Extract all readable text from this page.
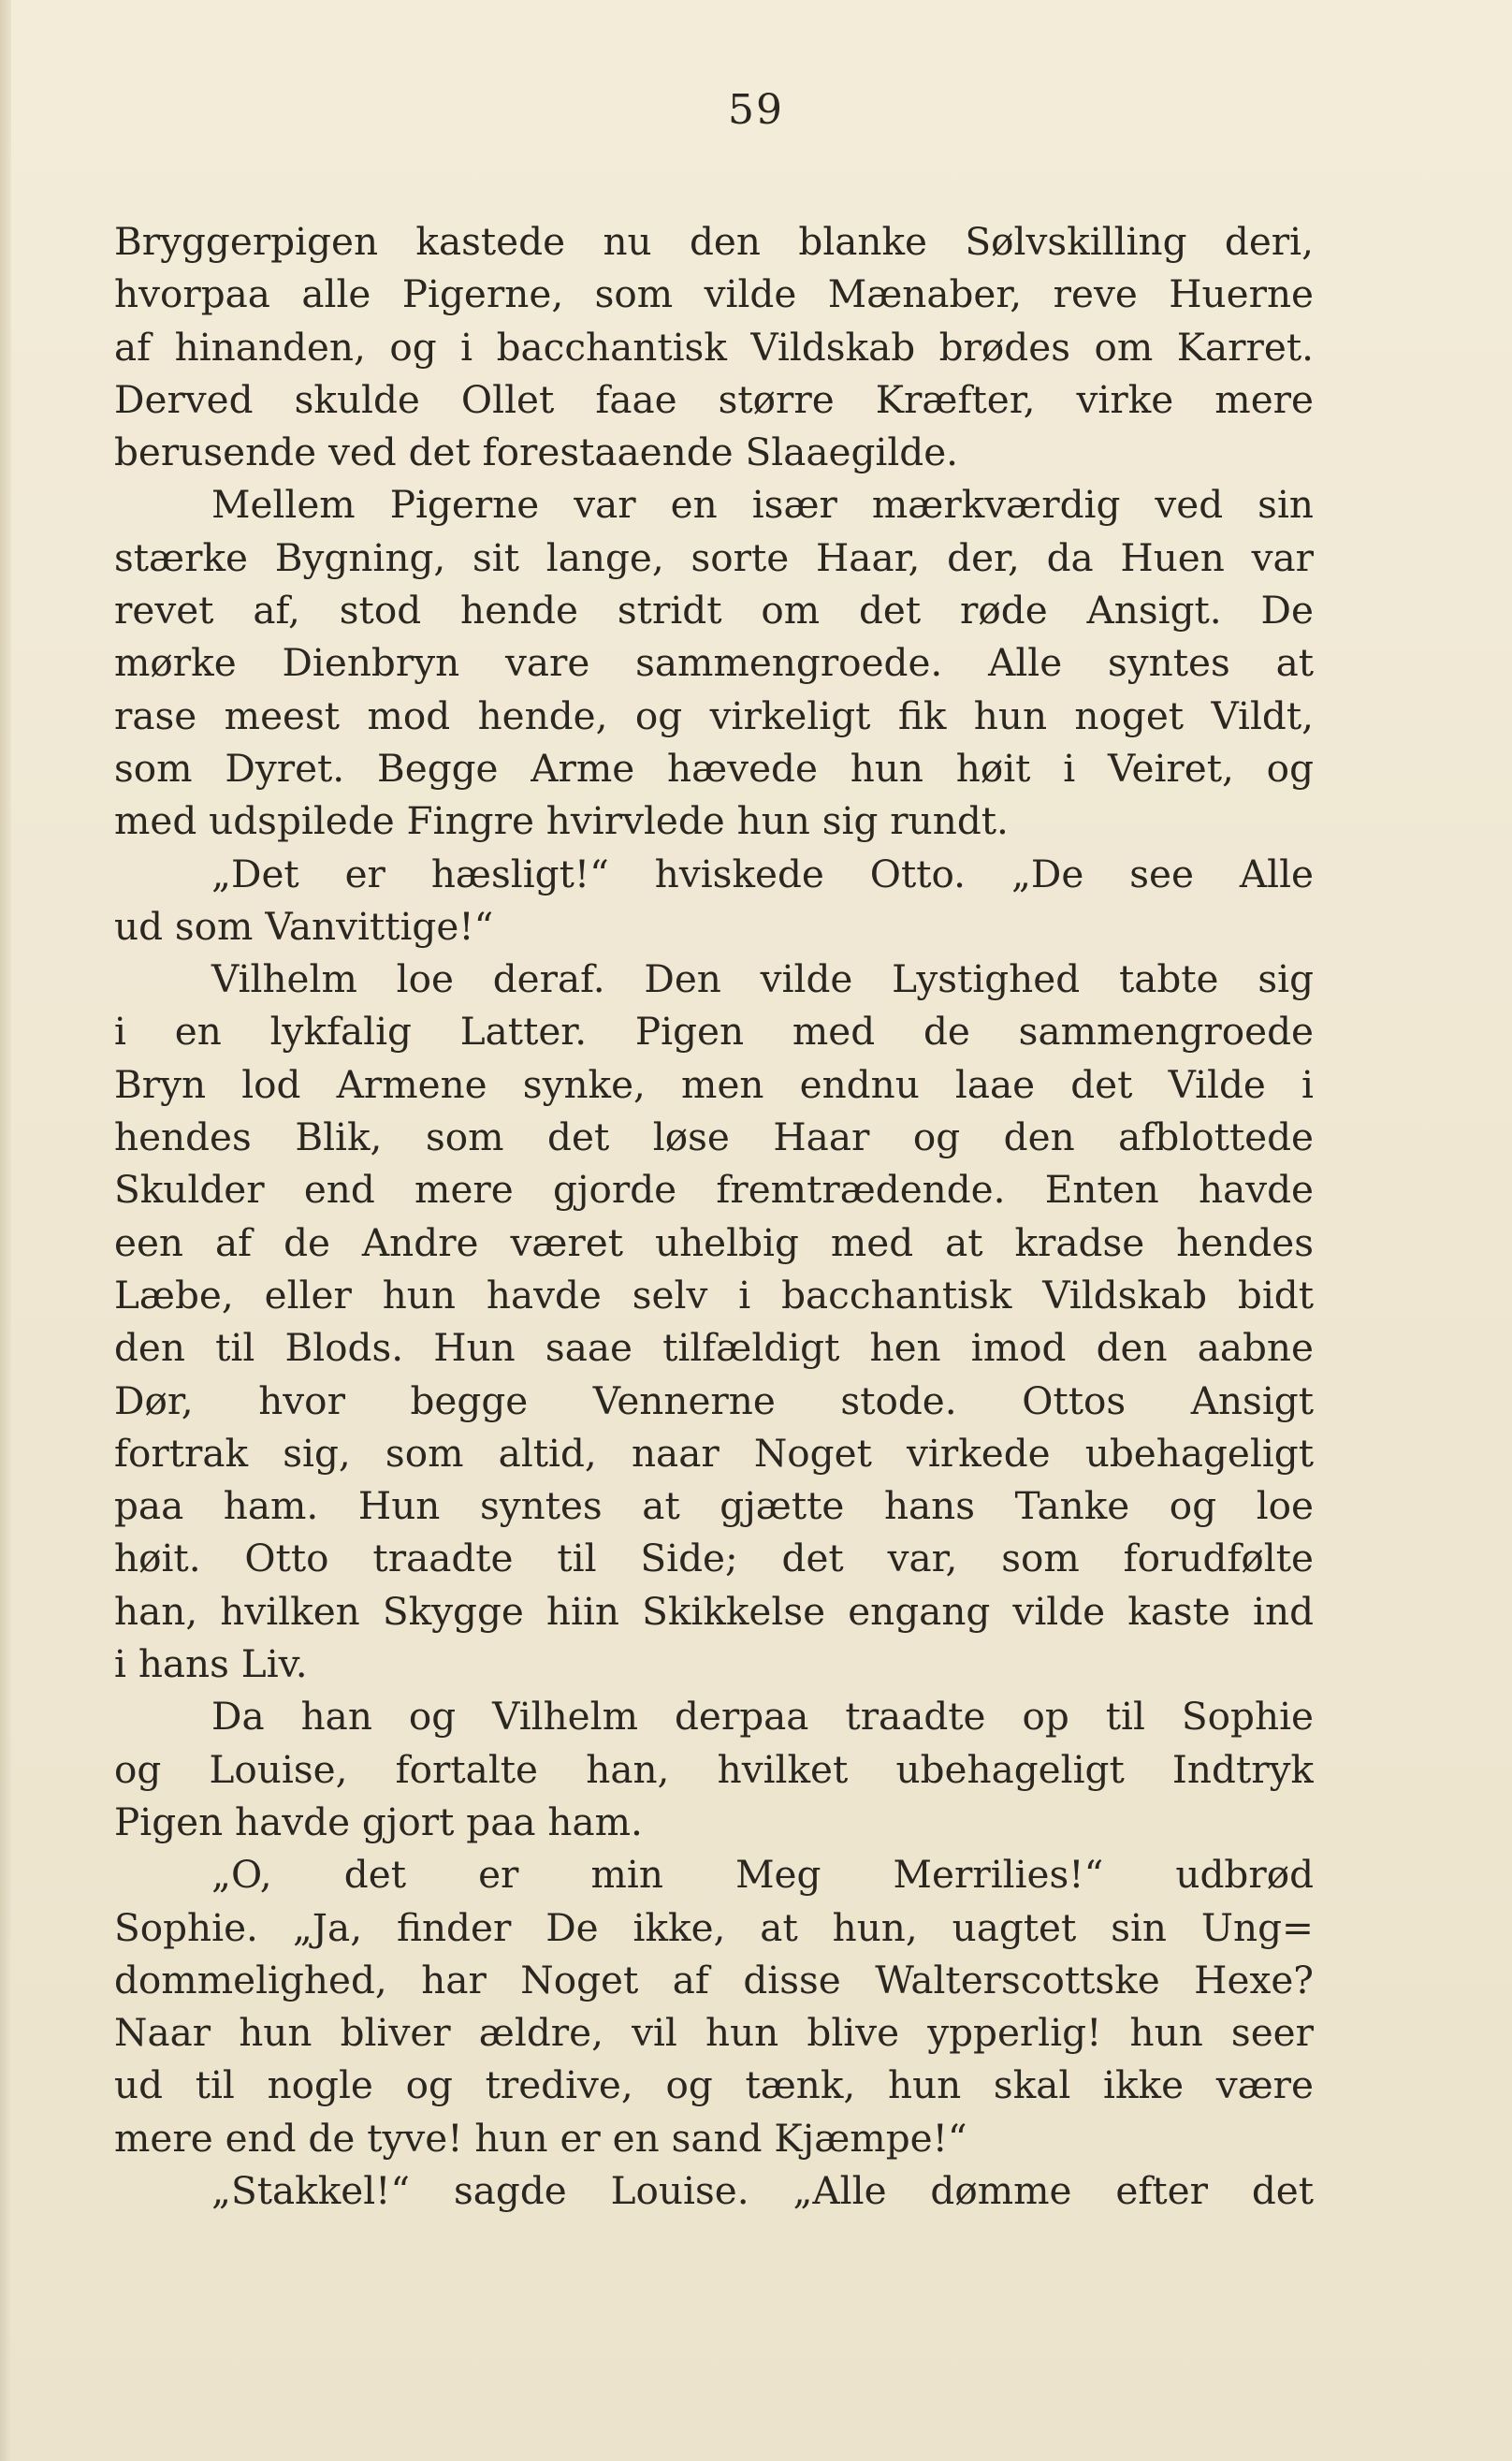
59
Bryggerpigen kastede nu den blanke Sølvskilling deri,
hvorpaa alle Pigerne, som vilde Mænaber, reve Huerne
af hinanden, og i bacchantisk Vildskab brødes om Karret.
Derved skulde Ollet faae større Kræfter, virke mere
berusende ved det forestaaende Slaaegilde.
Mellem Pigerne var en især mærkværdig ved sin
stærke Bygning, sit lange, sorte Haar, der, da Huen var
revet af, stod hende stridt om det røde Ansigt. De
mørke Dienbryn vare sammengroede. Alle syntes at
rase meest mod hende, og virkeligt fik hun noget Vildt,
som Dyret. Begge Arme hævede hun høit i Veiret, og
med udspilede Fingre hvirvlede hun sig rundt.
„Det er hæsligt!“ hviskede Otto. „De see Alle
ud som Vanvittige!“
Vilhelm loe deraf. Den vilde Lystighed tabte sig
i en lykfalig Latter. Pigen med de sammengroede
Bryn lod Armene synke, men endnu laae det Vilde i
hendes Blik, som det løse Haar og den afblottede
Skulder end mere gjorde fremtrædende. Enten havde
een af de Andre været uhelbig med at kradse hendes
Læbe, eller hun havde selv i bacchantisk Vildskab bidt
den til Blods. Hun saae tilfældigt hen imod den aabne
Dør, hvor begge Vennerne stode. Ottos Ansigt
fortrak sig, som altid, naar Noget virkede ubehageligt
paa ham. Hun syntes at gjætte hans Tanke og loe
høit. Otto traadte til Side; det var, som forudfølte
han, hvilken Skygge hiin Skikkelse engang vilde kaste ind
i hans Liv.
Da han og Vilhelm derpaa traadte op til Sophie
og Louise, fortalte han, hvilket ubehageligt Indtryk
Pigen havde gjort paa ham.
„O, det er min Meg Merrilies!“ udbrød
Sophie. „Ja, finder De ikke, at hun, uagtet sin Ung=
dommelighed, har Noget af disse Walterscottske Hexe?
Naar hun bliver ældre, vil hun blive ypperlig! hun seer
ud til nogle og tredive, og tænk, hun skal ikke være
mere end de tyve! hun er en sand Kjæmpe!“
„Stakkel!“ sagde Louise. „Alle dømme efter det
